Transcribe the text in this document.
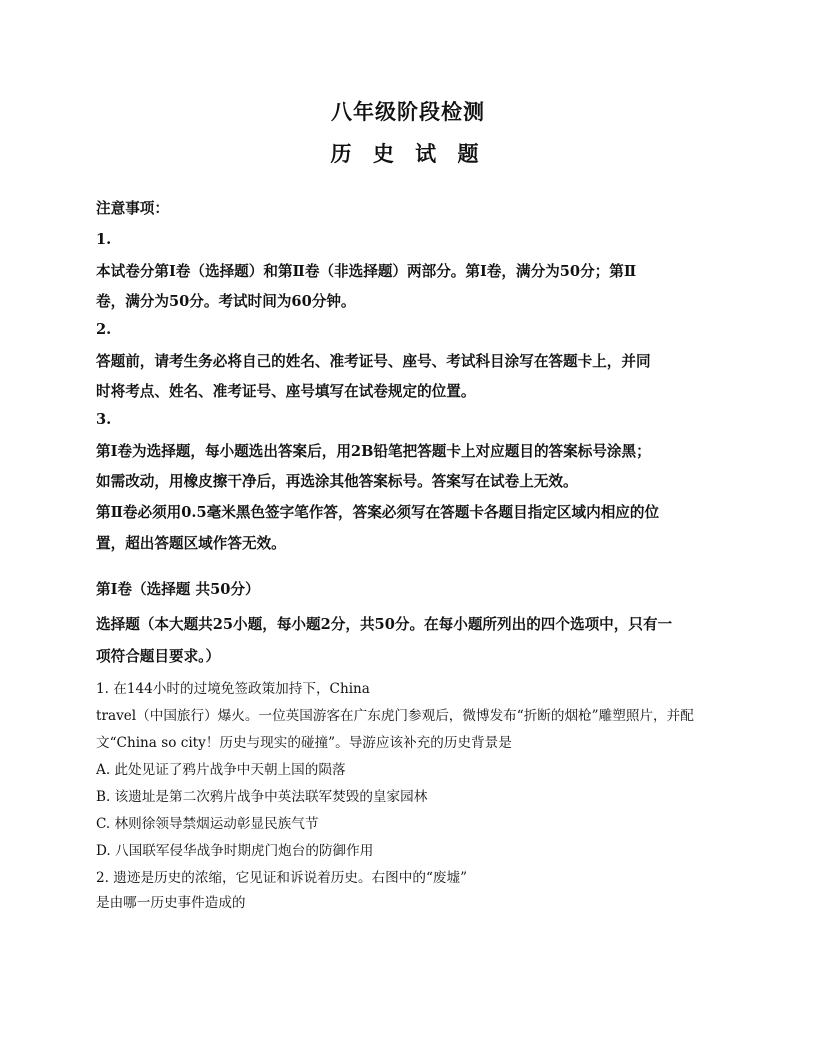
八年级阶段检测
历 史 试 题
注意事项：
1.
本试卷分第Ⅰ卷（选择题）和第Ⅱ卷（非选择题）两部分。第Ⅰ卷，满分为50分；第Ⅱ
卷，满分为50分。考试时间为60分钟。
2.
答题前，请考生务必将自己的姓名、准考证号、座号、考试科目涂写在答题卡上，并同
时将考点、姓名、准考证号、座号填写在试卷规定的位置。
3.
第Ⅰ卷为选择题，每小题选出答案后，用2B铅笔把答题卡上对应题目的答案标号涂黑；
如需改动，用橡皮擦干净后，再选涂其他答案标号。答案写在试卷上无效。
第Ⅱ卷必须用0.5毫米黑色签字笔作答，答案必须写在答题卡各题目指定区域内相应的位
置，超出答题区域作答无效。
第Ⅰ卷（选择题 共50分）
选择题（本大题共25小题，每小题2分，共50分。在每小题所列出的四个选项中，只有一
项符合题目要求。）
1. 在144小时的过境免签政策加持下，China
travel（中国旅行）爆火。一位英国游客在广东虎门参观后，微博发布“折断的烟枪”雕塑照片，并配
文“China so city！历史与现实的碰撞”。导游应该补充的历史背景是
A. 此处见证了鸦片战争中天朝上国的陨落
B. 该遗址是第二次鸦片战争中英法联军焚毁的皇家园林
C. 林则徐领导禁烟运动彰显民族气节
D. 八国联军侵华战争时期虎门炮台的防御作用
2. 遗迹是历史的浓缩，它见证和诉说着历史。右图中的“废墟”
是由哪一历史事件造成的
